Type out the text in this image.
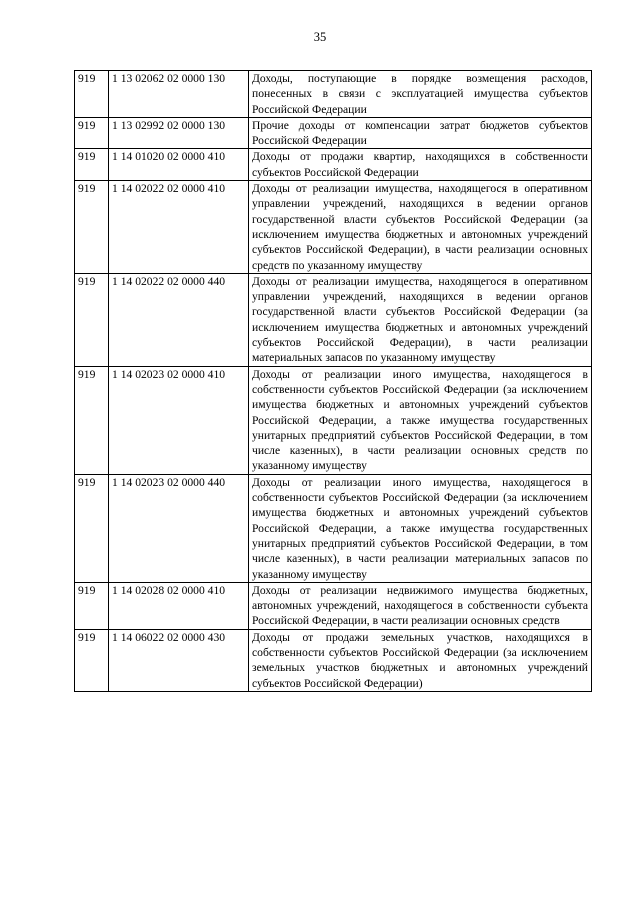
35
919	1 13 02062 02 0000 130	Доходы, поступающие в порядке возмещения расходов, понесенных в связи с эксплуатацией имущества субъектов Российской Федерации
919	1 13 02992 02 0000 130	Прочие доходы от компенсации затрат бюджетов субъектов Российской Федерации
919	1 14 01020 02 0000 410	Доходы от продажи квартир, находящихся в собственности субъектов Российской Федерации
919	1 14 02022 02 0000 410	Доходы от реализации имущества, находящегося в оперативном управлении учреждений, находящихся в ведении органов государственной власти субъектов Российской Федерации (за исключением имущества бюджетных и автономных учреждений субъектов Российской Федерации), в части реализации основных средств по указанному имуществу
919	1 14 02022 02 0000 440	Доходы от реализации имущества, находящегося в оперативном управлении учреждений, находящихся в ведении органов государственной власти субъектов Российской Федерации (за исключением имущества бюджетных и автономных учреждений субъектов Российской Федерации), в части реализации материальных запасов по указанному имуществу
919	1 14 02023 02 0000 410	Доходы от реализации иного имущества, находящегося в собственности субъектов Российской Федерации (за исключением имущества бюджетных и автономных учреждений субъектов Российской Федерации, а также имущества государственных унитарных предприятий субъектов Российской Федерации, в том числе казенных), в части реализации основных средств по указанному имуществу
919	1 14 02023 02 0000 440	Доходы от реализации иного имущества, находящегося в собственности субъектов Российской Федерации (за исключением имущества бюджетных и автономных учреждений субъектов Российской Федерации, а также имущества государственных унитарных предприятий субъектов Российской Федерации, в том числе казенных), в части реализации материальных запасов по указанному имуществу
919	1 14 02028 02 0000 410	Доходы от реализации недвижимого имущества бюджетных, автономных учреждений, находящегося в собственности субъекта Российской Федерации, в части реализации основных средств
919	1 14 06022 02 0000 430	Доходы от продажи земельных участков, находящихся в собственности субъектов Российской Федерации (за исключением земельных участков бюджетных и автономных учреждений субъектов Российской Федерации)
